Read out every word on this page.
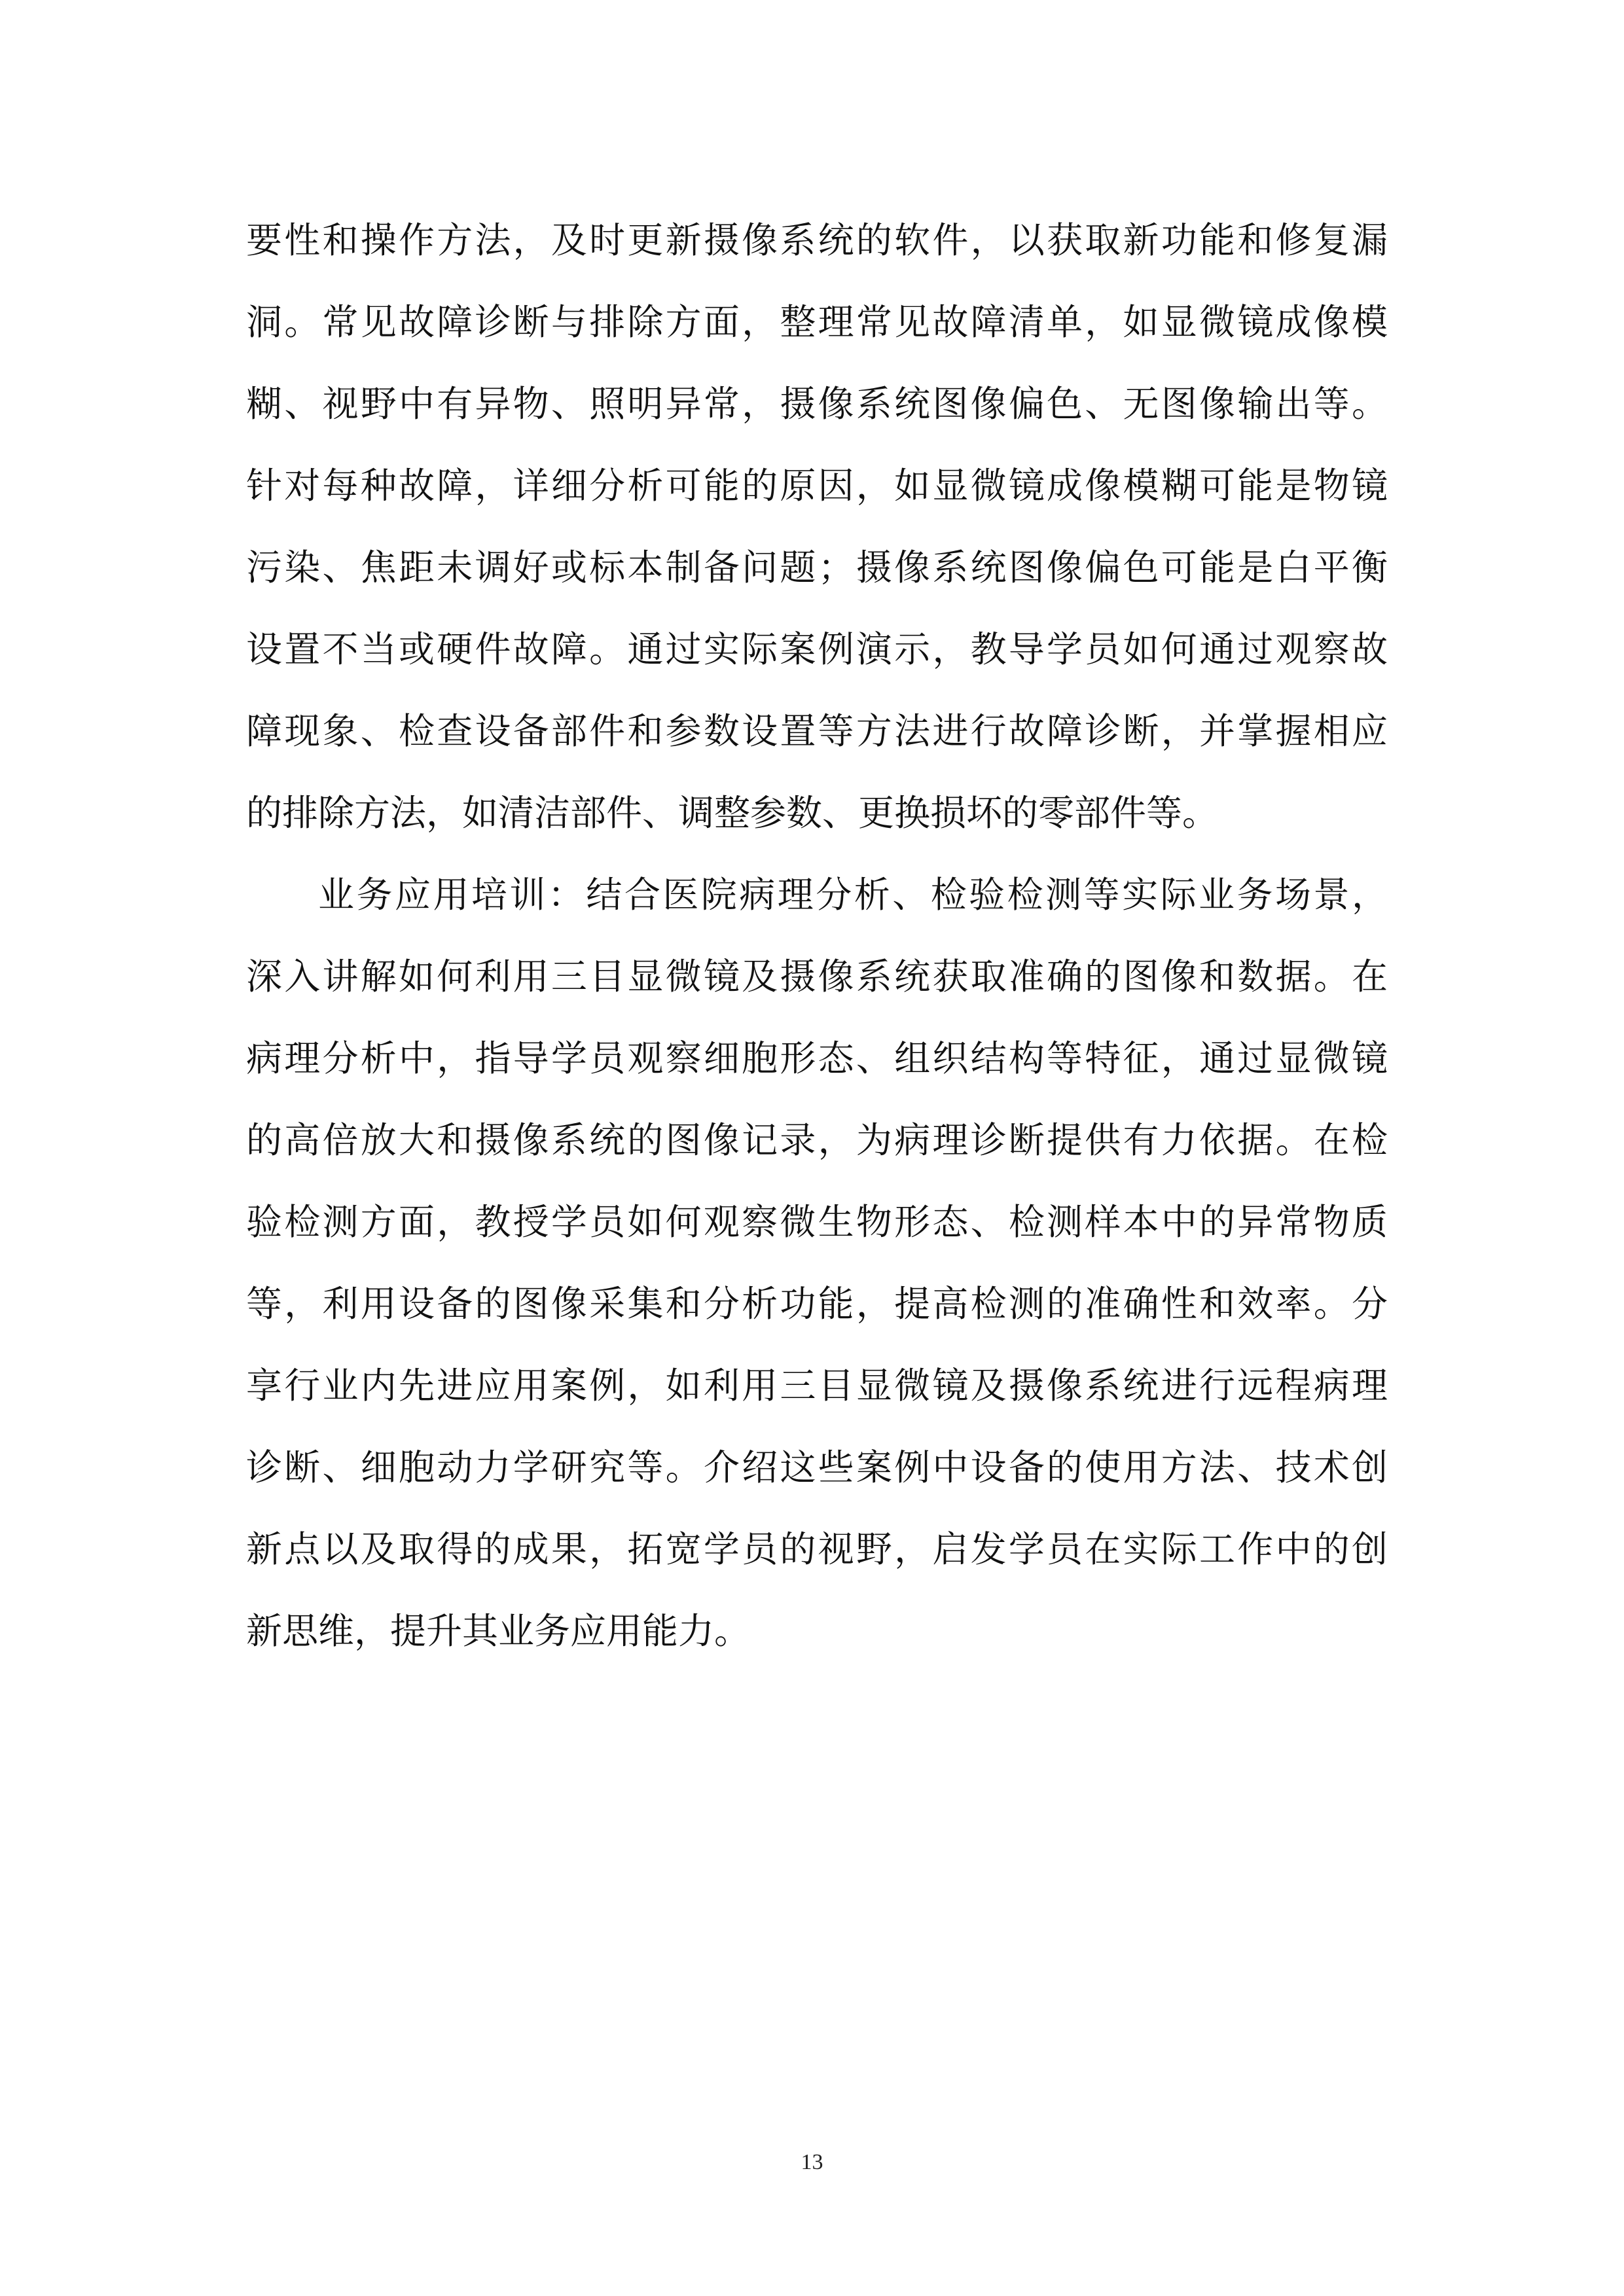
要性和操作方法，及时更新摄像系统的软件，以获取新功能和修复漏
洞。常见故障诊断与排除方面，整理常见故障清单，如显微镜成像模
糊、视野中有异物、照明异常，摄像系统图像偏色、无图像输出等。
针对每种故障，详细分析可能的原因，如显微镜成像模糊可能是物镜
污染、焦距未调好或标本制备问题；摄像系统图像偏色可能是白平衡
设置不当或硬件故障。通过实际案例演示，教导学员如何通过观察故
障现象、检查设备部件和参数设置等方法进行故障诊断，并掌握相应
的排除方法，如清洁部件、调整参数、更换损坏的零部件等。
业务应用培训：结合医院病理分析、检验检测等实际业务场景，
深入讲解如何利用三目显微镜及摄像系统获取准确的图像和数据。在
病理分析中，指导学员观察细胞形态、组织结构等特征，通过显微镜
的高倍放大和摄像系统的图像记录，为病理诊断提供有力依据。在检
验检测方面，教授学员如何观察微生物形态、检测样本中的异常物质
等，利用设备的图像采集和分析功能，提高检测的准确性和效率。分
享行业内先进应用案例，如利用三目显微镜及摄像系统进行远程病理
诊断、细胞动力学研究等。介绍这些案例中设备的使用方法、技术创
新点以及取得的成果，拓宽学员的视野，启发学员在实际工作中的创
新思维，提升其业务应用能力。
13
